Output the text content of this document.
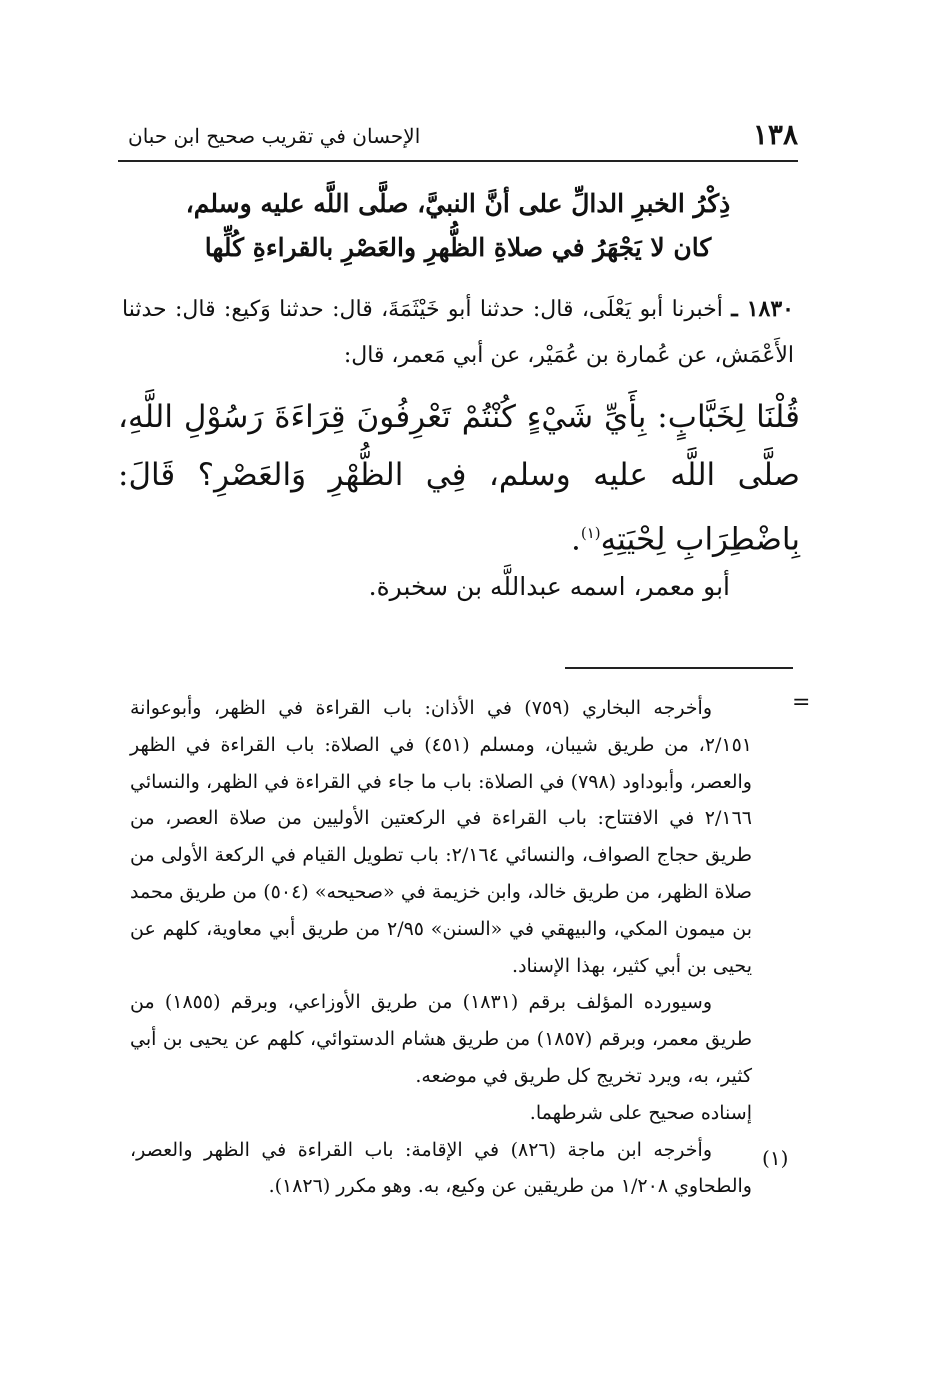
١٣٨
الإحسان في تقريب صحيح ابن حبان
ذِكْرُ الخبرِ الدالِّ على أنَّ النبيَّ، صلَّى اللَّه عليه وسلم،
كان لا يَجْهَرُ في صلاةِ الظُّهرِ والعَصْرِ بالقراءةِ كُلِّها
١٨٣٠ ـ أخبرنا أبو يَعْلَى، قال: حدثنا أبو خَيْثَمَةَ، قال: حدثنا وَكيع: قال: حدثنا الأَعْمَش، عن عُمارة بن عُمَيْر، عن أبي مَعمر، قال:
قُلْنَا لِخَبَّابٍ: بِأَيِّ شَيْءٍ كُنْتُمْ تَعْرِفُونَ قِرَاءَةَ رَسُوْلِ اللَّهِ، صلَّى اللَّه عليه وسلم، فِي الظُّهْرِ وَالعَصْرِ؟ قَالَ: بِاضْطِرَابِ لِحْيَتِهِ$^{(١)}$.
أبو معمر، اسمه عبداللَّه بن سخبرة.
=
(١)

وأخرجه البخاري (٧٥٩) في الأذان: باب القراءة في الظهر، وأبوعوانة ٢/١٥١، من طريق شيبان، ومسلم (٤٥١) في الصلاة: باب القراءة في الظهر والعصر، وأبوداود (٧٩٨) في الصلاة: باب ما جاء في القراءة في الظهر، والنسائي ٢/١٦٦ في الافتتاح: باب القراءة في الركعتين الأوليين من صلاة العصر، من طريق حجاج الصواف، والنسائي ٢/١٦٤: باب تطويل القيام في الركعة الأولى من صلاة الظهر، من طريق خالد، وابن خزيمة في «صحيحه» (٥٠٤) من طريق محمد بن ميمون المكي، والبيهقي في «السنن» ٢/٩٥ من طريق أبي معاوية، كلهم عن يحيى بن أبي كثير، بهذا الإسناد.

وسيورده المؤلف برقم (١٨٣١) من طريق الأوزاعي، وبرقم (١٨٥٥) من طريق معمر، وبرقم (١٨٥٧) من طريق هشام الدستوائي، كلهم عن يحيى بن أبي كثير، به، ويرد تخريج كل طريق في موضعه.

إسناده صحيح على شرطهما.

وأخرجه ابن ماجة (٨٢٦) في الإقامة: باب القراءة في الظهر والعصر، والطحاوي ١/٢٠٨ من طريقين عن وكيع، به. وهو مكرر (١٨٢٦).
